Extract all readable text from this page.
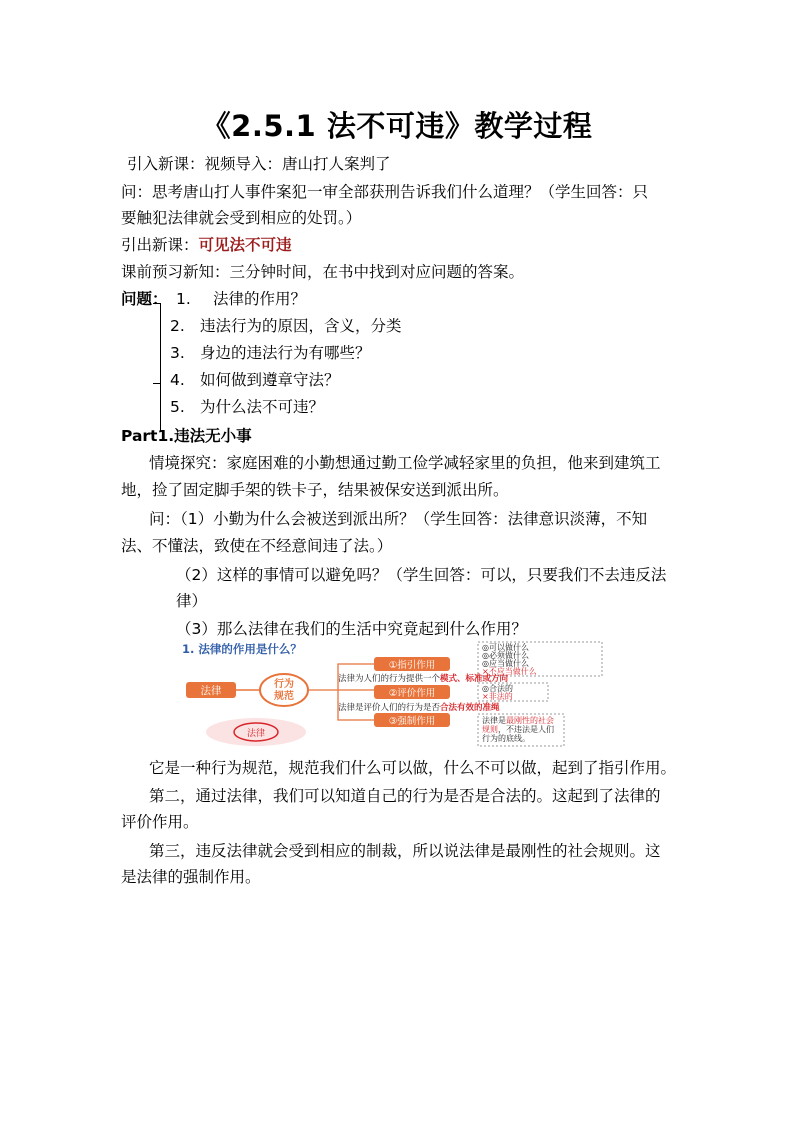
《2.5.1 法不可违》教学过程
引入新课：视频导入：唐山打人案判了
问：思考唐山打人事件案犯一审全部获刑告诉我们什么道理？（学生回答：只
要触犯法律就会受到相应的处罚。）
引出新课：可见法不可违
课前预习新知：三分钟时间，在书中找到对应问题的答案。
问题： 1. 法律的作用？
2. 违法行为的原因，含义，分类
3. 身边的违法行为有哪些？
4. 如何做到遵章守法？
5. 为什么法不可违？
Part1.违法无小事
情境探究：家庭困难的小勤想通过勤工俭学减轻家里的负担，他来到建筑工
地，捡了固定脚手架的铁卡子，结果被保安送到派出所。
问：（1）小勤为什么会被送到派出所？（学生回答：法律意识淡薄，不知
法、不懂法，致使在不经意间违了法。）
（2）这样的事情可以避免吗？（学生回答：可以，只要我们不去违反法
律）
（3）那么法律在我们的生活中究竟起到什么作用？
1. 法律的作用是什么？
法律
法律
行为
规范
①指引作用
②评价作用
③强制作用
◎可以做什么
◎必须做什么
◎应当做什么
×不应当做什么
法律为人们的行为提供一个模式、标准或方向
◎合法的
×非法的
法律是评价人们的行为是否合法有效的准绳
法律是最刚性的社会
规则，不违法是人们
行为的底线。
它是一种行为规范，规范我们什么可以做，什么不可以做，起到了指引作用。
第二，通过法律，我们可以知道自己的行为是否是合法的。这起到了法律的
评价作用。
第三，违反法律就会受到相应的制裁，所以说法律是最刚性的社会规则。这
是法律的强制作用。
